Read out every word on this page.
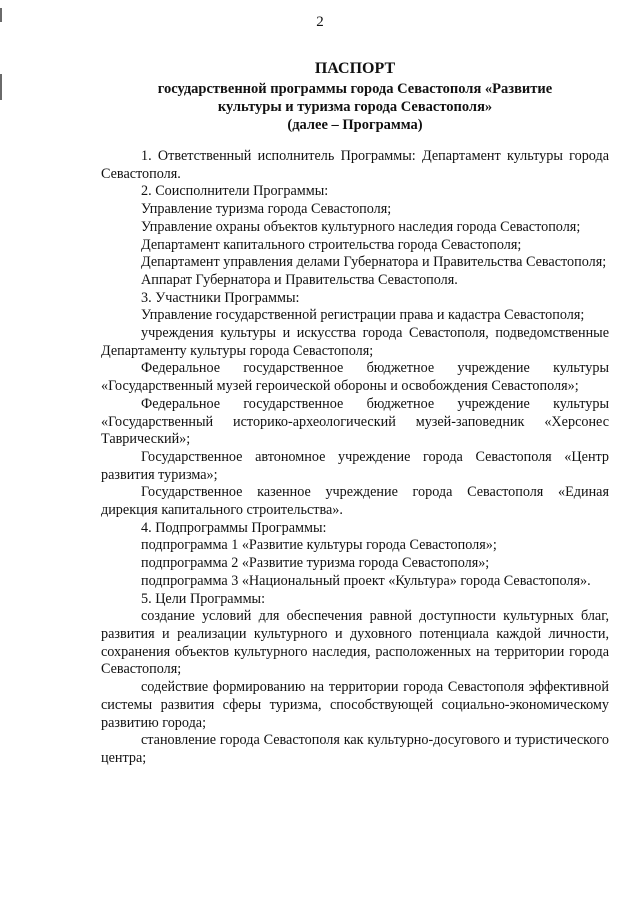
2
ПАСПОРТ
государственной программы города Севастополя «Развитие
культуры и туризма города Севастополя»
(далее – Программа)

1. Ответственный исполнитель Программы: Департамент культуры города Севастополя.

2. Соисполнители Программы:

Управление туризма города Севастополя;

Управление охраны объектов культурного наследия города Севастополя;

Департамент капитального строительства города Севастополя;

Департамент управления делами Губернатора и Правительства Севастополя;

Аппарат Губернатора и Правительства Севастополя.

3. Участники Программы:

Управление государственной регистрации права и кадастра Севастополя;

учреждения культуры и искусства города Севастополя, подведомственные Департаменту культуры города Севастополя;

Федеральное государственное бюджетное учреждение культуры «Государственный музей героической обороны и освобождения Севастополя»;

Федеральное государственное бюджетное учреждение культуры «Государственный историко-археологический музей-заповедник «Херсонес Таврический»;

Государственное автономное учреждение города Севастополя «Центр развития туризма»;

Государственное казенное учреждение города Севастополя «Единая дирекция капитального строительства».

4. Подпрограммы Программы:

подпрограмма 1 «Развитие культуры города Севастополя»;

подпрограмма 2 «Развитие туризма города Севастополя»;

подпрограмма 3 «Национальный проект «Культура» города Севастополя».

5. Цели Программы:

создание условий для обеспечения равной доступности культурных благ, развития и реализации культурного и духовного потенциала каждой личности, сохранения объектов культурного наследия, расположенных на территории города Севастополя;

содействие формированию на территории города Севастополя эффективной системы развития сферы туризма, способствующей социально-экономическому развитию города;

становление города Севастополя как культурно-досугового и туристического центра;
